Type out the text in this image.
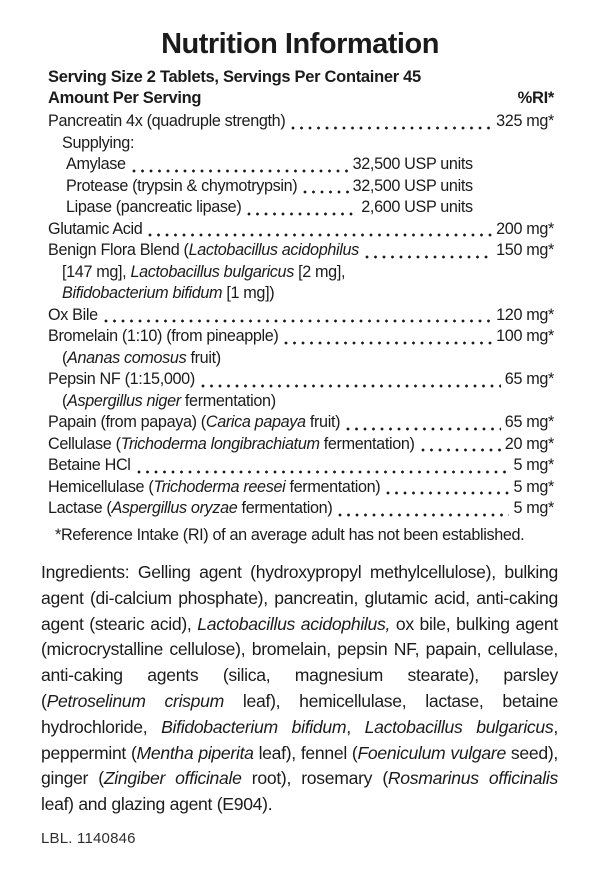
Nutrition Information
Serving Size 2 Tablets, Servings Per Container 45
Amount Per Serving	%RI*
Pancreatin 4x (quadruple strength)	325 mg*
Supplying:
Amylase	32,500 USP units
Protease (trypsin & chymotrypsin)	32,500 USP units
Lipase (pancreatic lipase)	2,600 USP units
Glutamic Acid	200 mg*
Benign Flora Blend (Lactobacillus acidophilus	150 mg*
[147 mg], Lactobacillus bulgaricus [2 mg],
Bifidobacterium bifidum [1 mg])
Ox Bile	120 mg*
Bromelain (1:10) (from pineapple)	100 mg*
(Ananas comosus fruit)
Pepsin NF (1:15,000)	65 mg*
(Aspergillus niger fermentation)
Papain (from papaya) (Carica papaya fruit)	65 mg*
Cellulase (Trichoderma longibrachiatum fermentation)	20 mg*
Betaine HCl	5 mg*
Hemicellulase (Trichoderma reesei fermentation)	5 mg*
Lactase (Aspergillus oryzae fermentation)	5 mg*
*Reference Intake (RI) of an average adult has not been established.
Ingredients: Gelling agent (hydroxypropyl methylcellulose), bulking agent (di-calcium phosphate), pancreatin, glutamic acid, anti-caking agent (stearic acid), Lactobacillus acidophilus, ox bile, bulking agent (microcrystalline cellulose), bromelain, pepsin NF, papain, cellulase, anti-caking agents (silica, magnesium stearate), parsley (Petroselinum crispum leaf), hemicellulase, lactase, betaine hydrochloride, Bifidobacterium bifidum, Lactobacillus bulgaricus, peppermint (Mentha piperita leaf), fennel (Foeniculum vulgare seed), ginger (Zingiber officinale root), rosemary (Rosmarinus officinalis leaf) and glazing agent (E904).
LBL. 1140846
